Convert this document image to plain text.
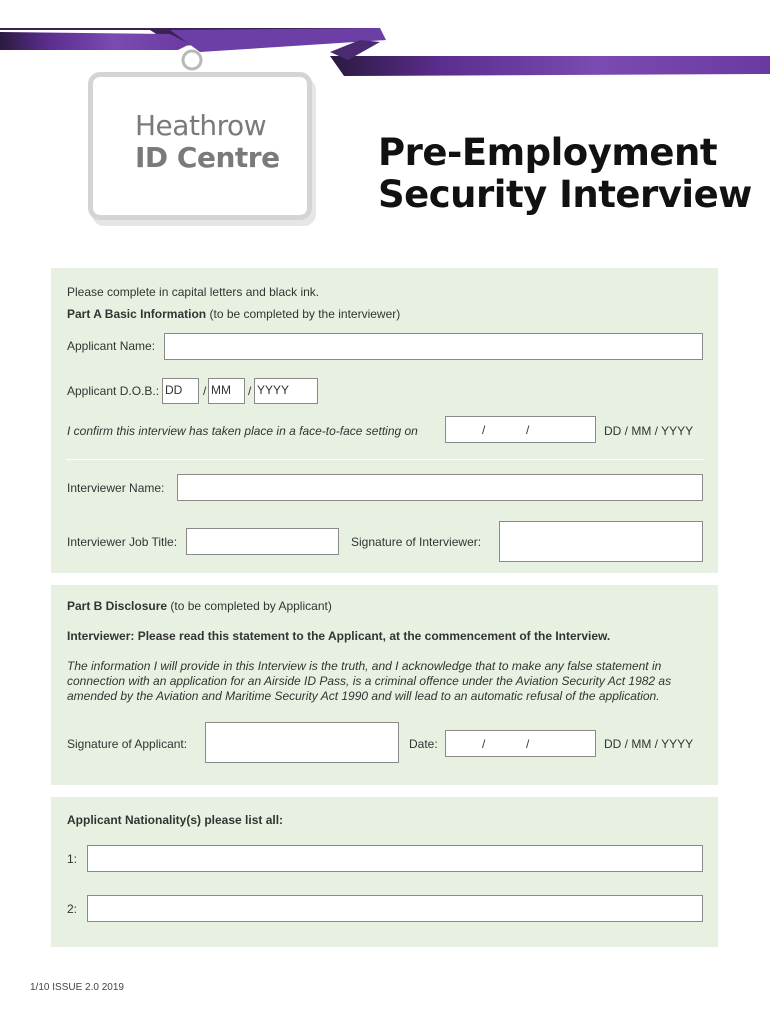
Heathrow
ID Centre	Pre-Employment
Security Interview
Please complete in capital letters and black ink.
Part A Basic Information (to be completed by the interviewer)
Applicant Name:
Applicant D.O.B.: DD / MM / YYYY
I confirm this interview has taken place in a face-to-face setting on	/	/	DD / MM / YYYY
Interviewer Name:
Interviewer Job Title:	Signature of Interviewer:
Part B Disclosure (to be completed by Applicant)
Interviewer: Please read this statement to the Applicant, at the commencement of the Interview.
The information I will provide in this Interview is the truth, and I acknowledge that to make any false statement in connection with an application for an Airside ID Pass, is a criminal offence under the Aviation Security Act 1982 as amended by the Aviation and Maritime Security Act 1990 and will lead to an automatic refusal of the application.
Signature of Applicant:	Date:	/	/	DD / MM / YYYY
Applicant Nationality(s) please list all:
1:
2:
1/10 ISSUE 2.0 2019
